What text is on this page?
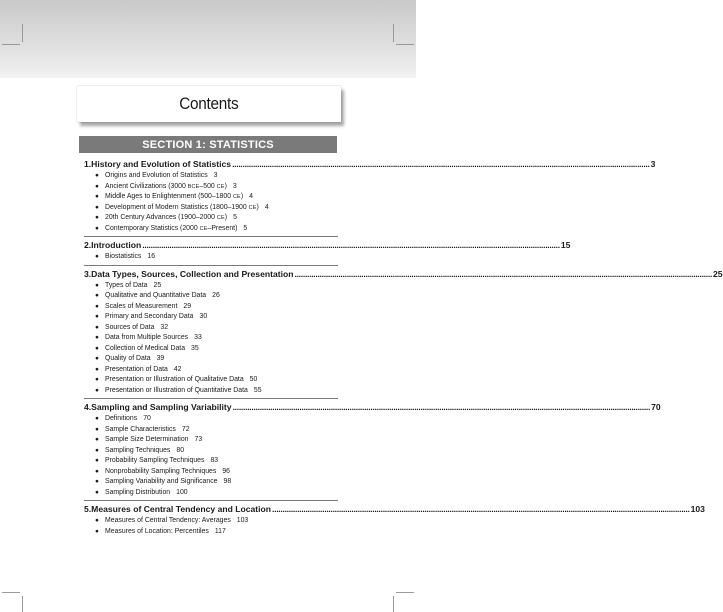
Contents
SECTION 1: STATISTICS
1. History and Evolution of Statistics ........................................................................................................................................................................................................ 3
● Origins and Evolution of Statistics 3
● Ancient Civilizations (3000 BCE–500 CE) 3
● Middle Ages to Enlightenment (500–1800 CE) 4
● Development of Modern Statistics (1800–1900 CE) 4
● 20th Century Advances (1900–2000 CE) 5
● Contemporary Statistics (2000 CE–Present) 5
2. Introduction ........................................................................................................................................................................................................ 15
● Biostatistics 16
3. Data Types, Sources, Collection and Presentation ........................................................................................................................................................................................................ 25
● Types of Data 25
● Qualitative and Quantitative Data 26
● Scales of Measurement 29
● Primary and Secondary Data 30
● Sources of Data 32
● Data from Multiple Sources 33
● Collection of Medical Data 35
● Quality of Data 39
● Presentation of Data 42
● Presentation or Illustration of Qualitative Data 50
● Presentation or Illustration of Quantitative Data 55
4. Sampling and Sampling Variability ........................................................................................................................................................................................................ 70
● Definitions 70
● Sample Characteristics 72
● Sample Size Determination 73
● Sampling Techniques 80
● Probability Sampling Techniques 83
● Nonprobability Sampling Techniques 96
● Sampling Variability and Significance 98
● Sampling Distribution 100
5. Measures of Central Tendency and Location ........................................................................................................................................................................................................ 103
● Measures of Central Tendency: Averages 103
● Measures of Location: Percentiles 117
